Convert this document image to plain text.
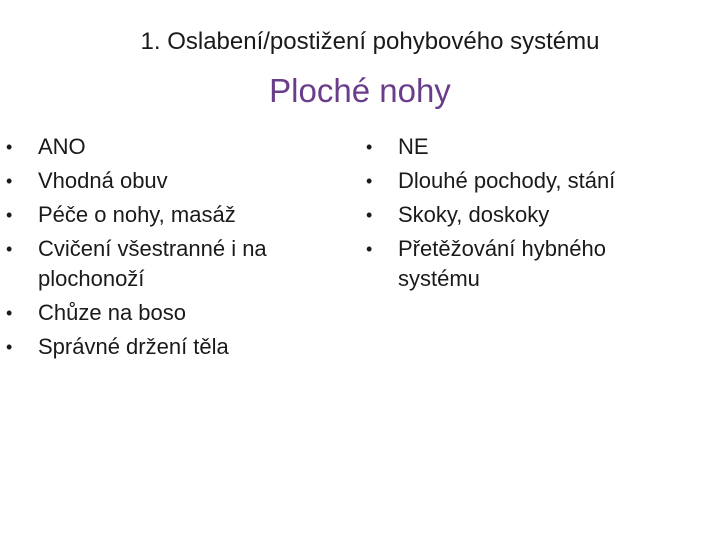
1. Oslabení/postižení pohybového systému
Ploché nohy
• ANO
• Vhodná obuv
• Péče o nohy, masáž
• Cvičení všestranné i na plochonoží
• Chůze na boso
• Správné držení těla
• NE
• Dlouhé pochody, stání
• Skoky, doskoky
• Přetěžování hybného systému
